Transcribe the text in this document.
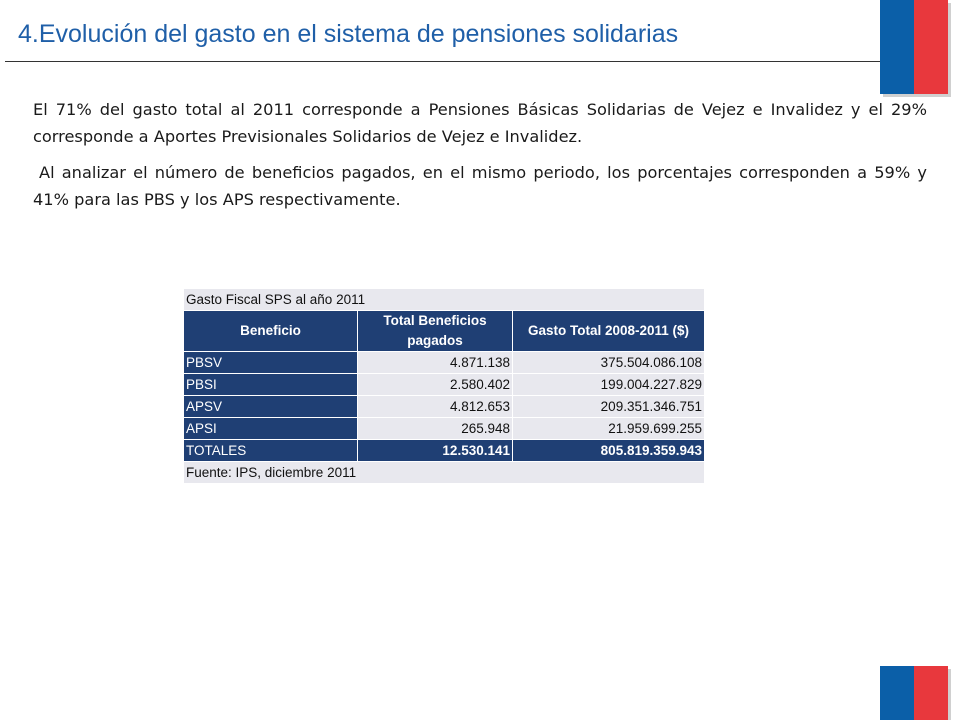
4.Evolución del gasto en el sistema de pensiones solidarias

El 71% del gasto total al 2011 corresponde a Pensiones Básicas Solidarias de Vejez e Invalidez y el 29% corresponde a Aportes Previsionales Solidarios de Vejez e Invalidez.

Al analizar el número de beneficios pagados, en el mismo periodo, los porcentajes corresponden a 59% y 41% para las PBS y los APS respectivamente.

Gasto Fiscal SPS al año 2011		
Beneficio	Total Beneficios pagados	Gasto Total 2008-2011 ($)
PBSV	4.871.138	375.504.086.108
PBSI	2.580.402	199.004.227.829
APSV	4.812.653	209.351.346.751
APSI	265.948	21.959.699.255
TOTALES	12.530.141	805.819.359.943
Fuente: IPS, diciembre 2011		
